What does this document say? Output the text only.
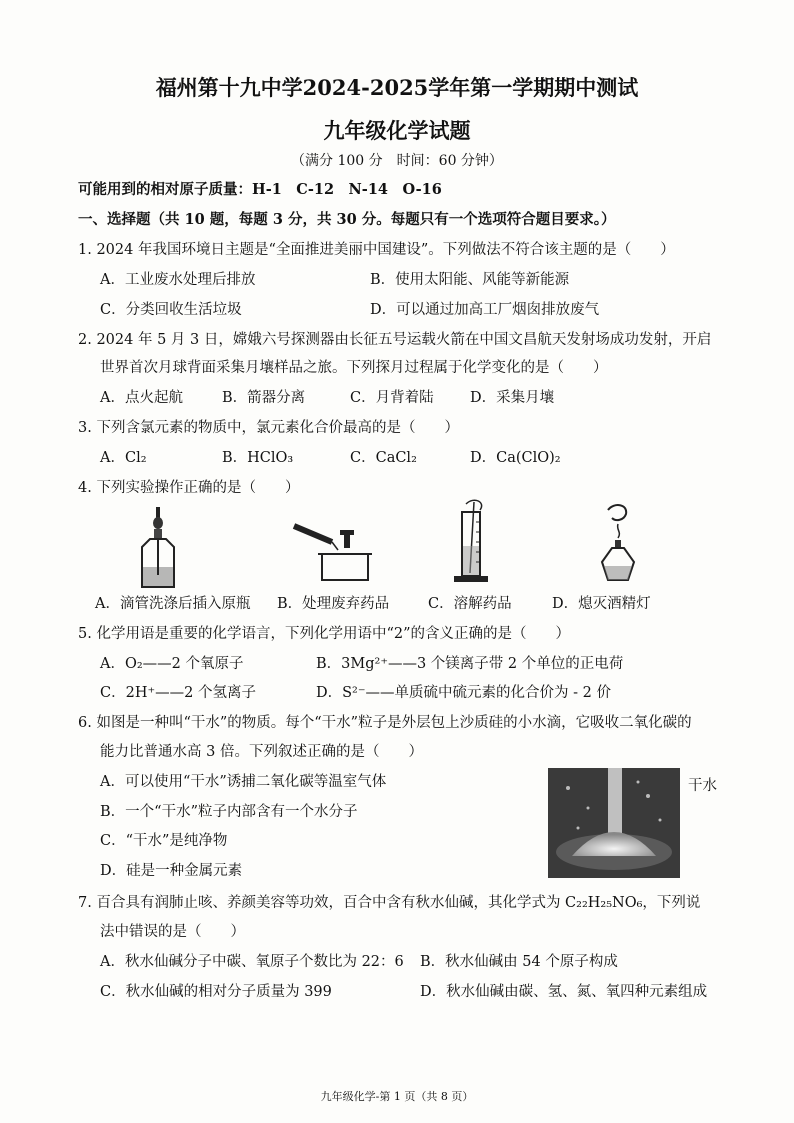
福州第十九中学2024-2025学年第一学期期中测试
九年级化学试题
（满分 100 分　时间：60 分钟）
可能用到的相对原子质量：H-1　C-12　N-14　O-16
一、选择题（共 10 题，每题 3 分，共 30 分。每题只有一个选项符合题目要求。）
1. 2024 年我国环境日主题是“全面推进美丽中国建设”。下列做法不符合该主题的是（　　）
A．工业废水处理后排放	B．使用太阳能、风能等新能源
C．分类回收生活垃圾	D．可以通过加高工厂烟囱排放废气
2. 2024 年 5 月 3 日，嫦娥六号探测器由长征五号运载火箭在中国文昌航天发射场成功发射，开启
世界首次月球背面采集月壤样品之旅。下列探月过程属于化学变化的是（　　）
A．点火起航	B．箭器分离	C．月背着陆	D．采集月壤
3. 下列含氯元素的物质中，氯元素化合价最高的是（　　）
A．Cl₂	B．HClO₃	C．CaCl₂	D．Ca(ClO)₂
4. 下列实验操作正确的是（　　）
A．滴管洗涤后插入原瓶 B．处理废弃药品	C．溶解药品	D．熄灭酒精灯
5. 化学用语是重要的化学语言，下列化学用语中“2”的含义正确的是（　　）
A．O₂——2 个氧原子	B．3Mg²⁺——3 个镁离子带 2 个单位的正电荷
C．2H⁺——2 个氢离子	D．S²⁻——单质硫中硫元素的化合价为 - 2 价
6. 如图是一种叫“干水”的物质。每个“干水”粒子是外层包上沙质硅的小水滴，它吸收二氧化碳的
能力比普通水高 3 倍。下列叙述正确的是（　　）
A．可以使用“干水”诱捕二氧化碳等温室气体
B．一个“干水”粒子内部含有一个水分子
C．“干水”是纯净物
D．硅是一种金属元素
干水
7. 百合具有润肺止咳、养颜美容等功效，百合中含有秋水仙碱，其化学式为 C₂₂H₂₅NO₆，下列说
法中错误的是（　　）
A．秋水仙碱分子中碳、氧原子个数比为 22：6 B．秋水仙碱由 54 个原子构成
C．秋水仙碱的相对分子质量为 399	D．秋水仙碱由碳、氢、氮、氧四种元素组成
九年级化学-第 1 页（共 8 页）
